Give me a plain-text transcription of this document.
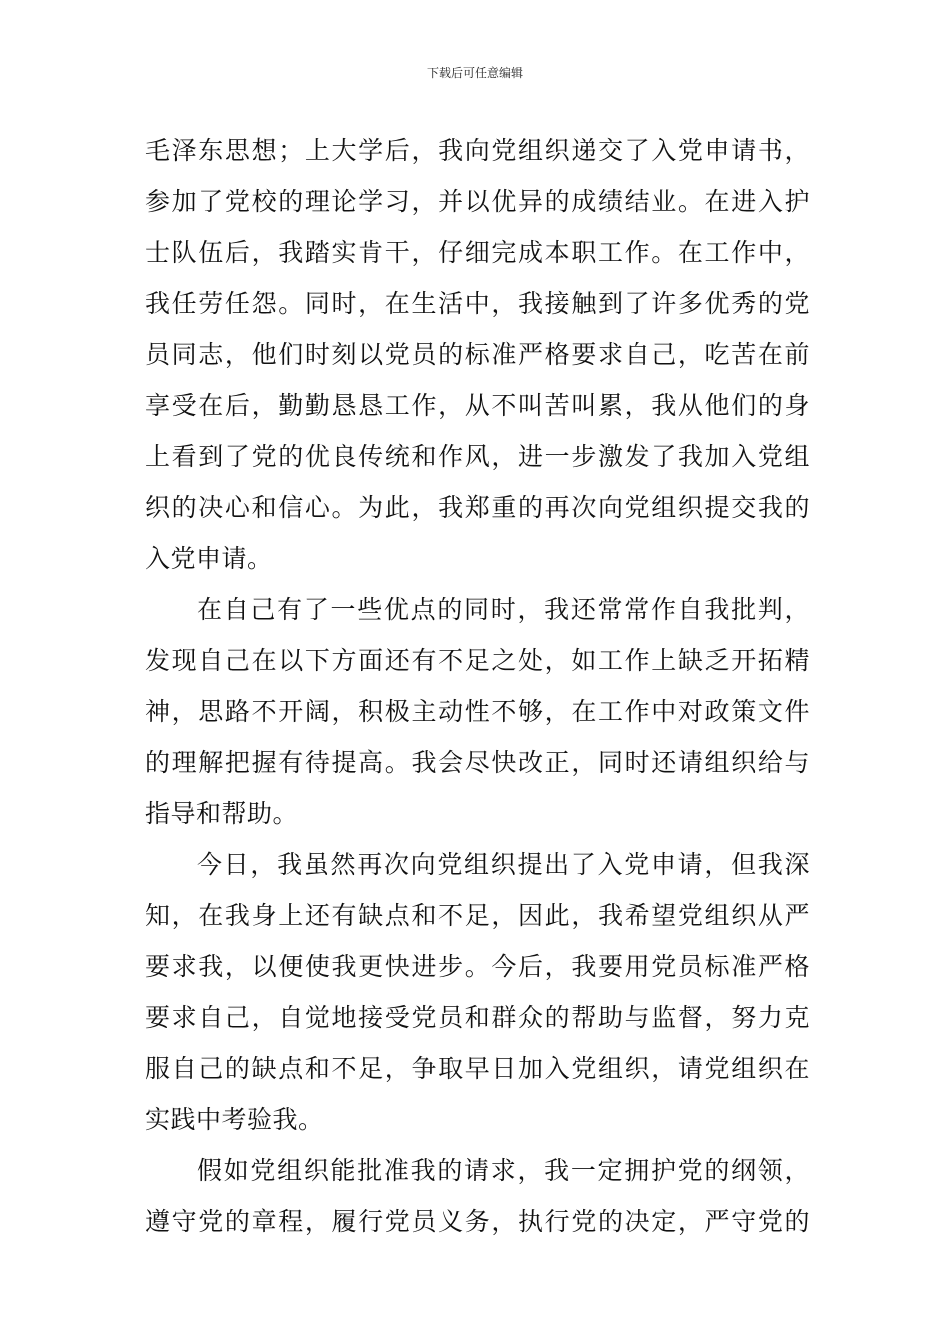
下载后可任意编辑
毛泽东思想；上大学后，我向党组织递交了入党申请书，
参加了党校的理论学习，并以优异的成绩结业。在进入护
士队伍后，我踏实肯干，仔细完成本职工作。在工作中，
我任劳任怨。同时，在生活中，我接触到了许多优秀的党
员同志，他们时刻以党员的标准严格要求自己，吃苦在前
享受在后，勤勤恳恳工作，从不叫苦叫累，我从他们的身
上看到了党的优良传统和作风，进一步激发了我加入党组
织的决心和信心。为此，我郑重的再次向党组织提交我的
入党申请。
在自己有了一些优点的同时，我还常常作自我批判，
发现自己在以下方面还有不足之处，如工作上缺乏开拓精
神，思路不开阔，积极主动性不够，在工作中对政策文件
的理解把握有待提高。我会尽快改正，同时还请组织给与
指导和帮助。
今日，我虽然再次向党组织提出了入党申请，但我深
知，在我身上还有缺点和不足，因此，我希望党组织从严
要求我，以便使我更快进步。今后，我要用党员标准严格
要求自己，自觉地接受党员和群众的帮助与监督，努力克
服自己的缺点和不足，争取早日加入党组织，请党组织在
实践中考验我。
假如党组织能批准我的请求，我一定拥护党的纲领，
遵守党的章程，履行党员义务，执行党的决定，严守党的
